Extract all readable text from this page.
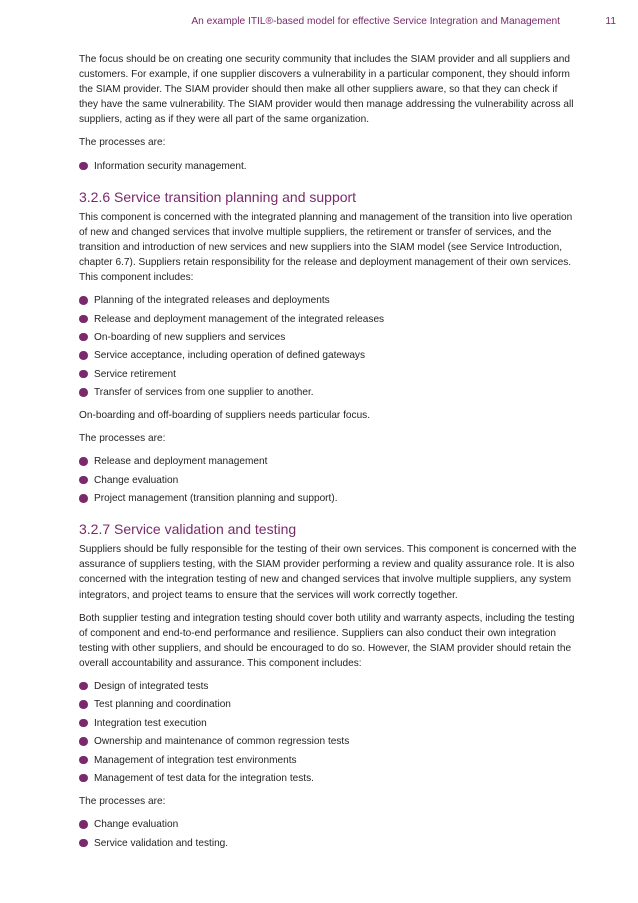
An example ITIL®-based model for effective Service Integration and Management	11

The focus should be on creating one security community that includes the SIAM provider and all suppliers and customers. For example, if one supplier discovers a vulnerability in a particular component, they should inform the SIAM provider. The SIAM provider should then make all other suppliers aware, so that they can check if they have the same vulnerability. The SIAM provider would then manage addressing the vulnerability across all suppliers, acting as if they were all part of the same organization.

The processes are:

Information security management.
3.2.6 Service transition planning and support

This component is concerned with the integrated planning and management of the transition into live operation of new and changed services that involve multiple suppliers, the retirement or transfer of services, and the transition and introduction of new services and new suppliers into the SIAM model (see Service Introduction, chapter 6.7). Suppliers retain responsibility for the release and deployment management of their own services. This component includes:

Planning of the integrated releases and deployments
Release and deployment management of the integrated releases
On-boarding of new suppliers and services
Service acceptance, including operation of defined gateways
Service retirement
Transfer of services from one supplier to another.

On-boarding and off-boarding of suppliers needs particular focus.

The processes are:

Release and deployment management
Change evaluation
Project management (transition planning and support).
3.2.7 Service validation and testing

Suppliers should be fully responsible for the testing of their own services. This component is concerned with the assurance of suppliers testing, with the SIAM provider performing a review and quality assurance role. It is also concerned with the integration testing of new and changed services that involve multiple suppliers, any system integrators, and project teams to ensure that the services will work correctly together.

Both supplier testing and integration testing should cover both utility and warranty aspects, including the testing of component and end-to-end performance and resilience. Suppliers can also conduct their own integration testing with other suppliers, and should be encouraged to do so. However, the SIAM provider should retain the overall accountability and assurance. This component includes:

Design of integrated tests
Test planning and coordination
Integration test execution
Ownership and maintenance of common regression tests
Management of integration test environments
Management of test data for the integration tests.

The processes are:

Change evaluation
Service validation and testing.
